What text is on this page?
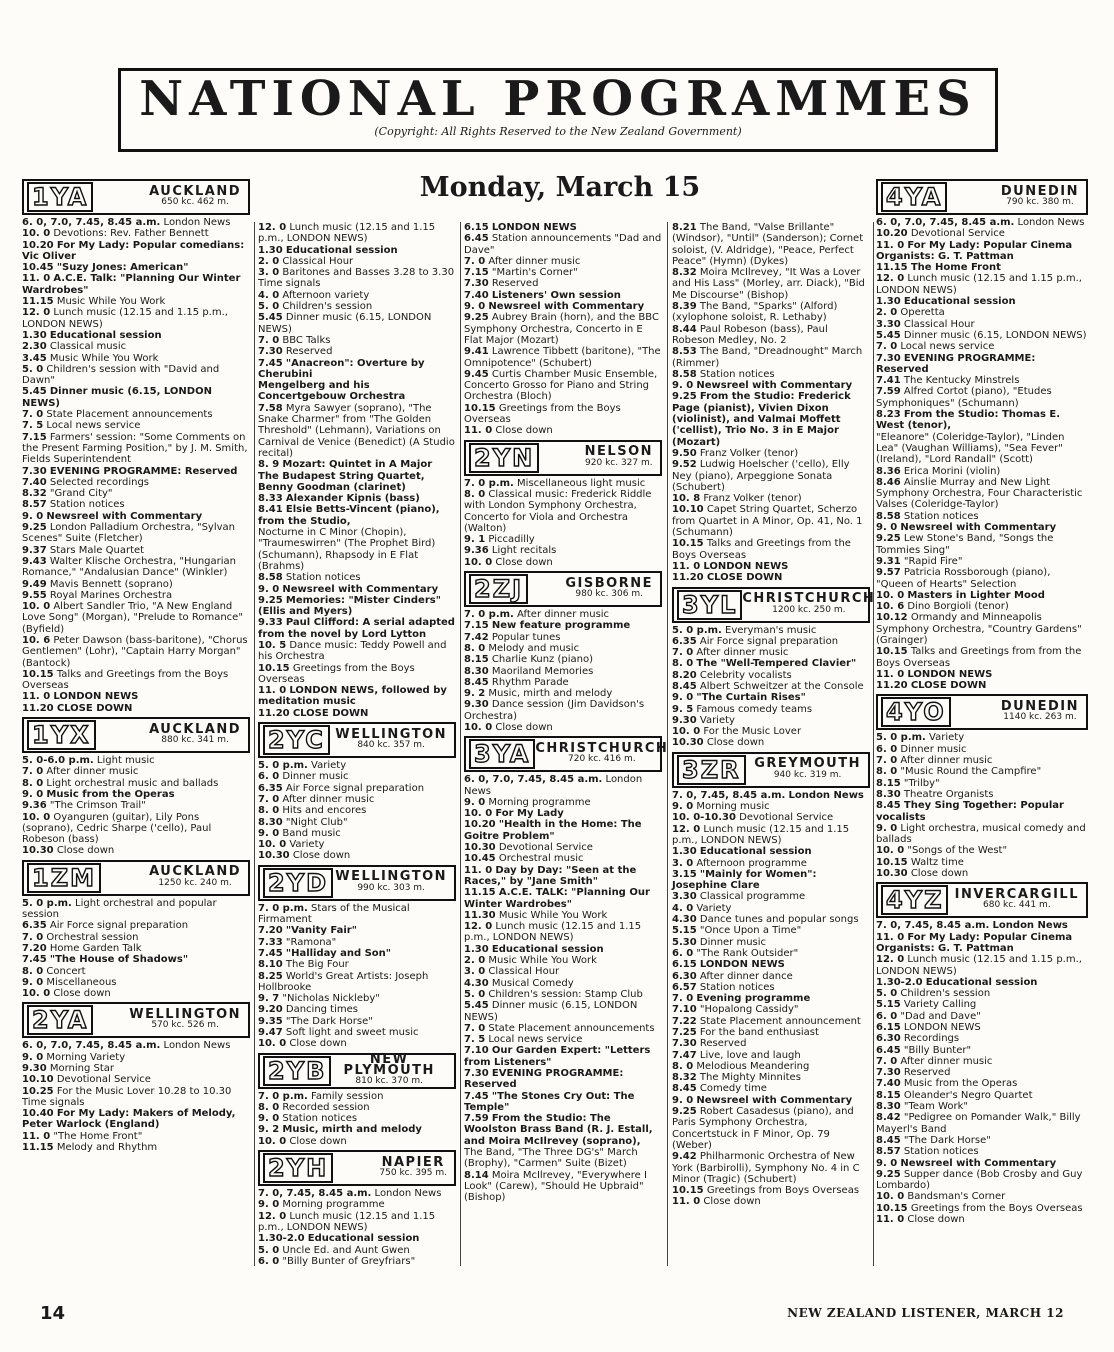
NATIONAL PROGRAMMES
(Copyright: All Rights Reserved to the New Zealand Government)
Monday, March 15
1YA	AUCKLAND
650 kc. 462 m.
6. 0, 7.0, 7.45, 8.45 a.m. London News
10. 0 Devotions: Rev. Father Bennett
10.20 For My Lady: Popular comedians: Vic Oliver
10.45 "Suzy Jones: American"
11. 0 A.C.E. Talk: "Planning Our Winter Wardrobes"
11.15 Music While You Work
12. 0 Lunch music (12.15 and 1.15 p.m., LONDON NEWS)
1.30 Educational session
2.30 Classical music
3.45 Music While You Work
5. 0 Children's session with "David and Dawn"
5.45 Dinner music (6.15, LONDON NEWS)
7. 0 State Placement announcements
7. 5 Local news service
7.15 Farmers' session: "Some Comments on the Present Farming Position," by J. M. Smith, Fields Superintendent
7.30 EVENING PROGRAMME: Reserved
7.40 Selected recordings
8.32 "Grand City"
8.57 Station notices
9. 0 Newsreel with Commentary
9.25 London Palladium Orchestra, "Sylvan Scenes" Suite (Fletcher)
9.37 Stars Male Quartet
9.43 Walter Klische Orchestra, "Hungarian Romance," "Andalusian Dance" (Winkler)
9.49 Mavis Bennett (soprano)
9.55 Royal Marines Orchestra
10. 0 Albert Sandler Trio, "A New England Love Song" (Morgan), "Prelude to Romance" (Byfield)
10. 6 Peter Dawson (bass-baritone), "Chorus Gentlemen" (Lohr), "Captain Harry Morgan" (Bantock)
10.15 Talks and Greetings from the Boys Overseas
11. 0 LONDON NEWS
11.20 CLOSE DOWN
1YX	AUCKLAND
880 kc. 341 m.
5. 0-6.0 p.m. Light music
7. 0 After dinner music
8. 0 Light orchestral music and ballads
9. 0 Music from the Operas
9.36 "The Crimson Trail"
10. 0 Oyanguren (guitar), Lily Pons (soprano), Cedric Sharpe ('cello), Paul Robeson (bass)
10.30 Close down
1ZM	AUCKLAND
1250 kc. 240 m.
5. 0 p.m. Light orchestral and popular session
6.35 Air Force signal preparation
7. 0 Orchestral session
7.20 Home Garden Talk
7.45 "The House of Shadows"
8. 0 Concert
9. 0 Miscellaneous
10. 0 Close down
2YA	WELLINGTON
570 kc. 526 m.
6. 0, 7.0, 7.45, 8.45 a.m. London News
9. 0 Morning Variety
9.30 Morning Star
10.10 Devotional Service
10.25 For the Music Lover 10.28 to 10.30 Time signals
10.40 For My Lady: Makers of Melody, Peter Warlock (England)
11. 0 "The Home Front"
11.15 Melody and Rhythm
12. 0 Lunch music (12.15 and 1.15 p.m., LONDON NEWS)
1.30 Educational session
2. 0 Classical Hour
3. 0 Baritones and Basses 3.28 to 3.30 Time signals
4. 0 Afternoon variety
5. 0 Children's session
5.45 Dinner music (6.15, LONDON NEWS)
7. 0 BBC Talks
7.30 Reserved
7.45 "Anacreon": Overture by Cherubini
Mengelberg and his Concertgebouw Orchestra
7.58 Myra Sawyer (soprano), "The Snake Charmer" from "The Golden Threshold" (Lehmann), Variations on Carnival de Venice (Benedict) (A Studio recital)
8. 9 Mozart: Quintet in A Major
The Budapest String Quartet, Benny Goodman (clarinet)
8.33 Alexander Kipnis (bass)
8.41 Elsie Betts-Vincent (piano), from the Studio,
Nocturne in C Minor (Chopin), "Traumeswirren" (The Prophet Bird) (Schumann), Rhapsody in E Flat (Brahms)
8.58 Station notices
9. 0 Newsreel with Commentary
9.25 Memories: "Mister Cinders" (Ellis and Myers)
9.33 Paul Clifford: A serial adapted from the novel by Lord Lytton
10. 5 Dance music: Teddy Powell and his Orchestra
10.15 Greetings from the Boys Overseas
11. 0 LONDON NEWS, followed by meditation music
11.20 CLOSE DOWN
2YC WELLINGTON
840 kc. 357 m.
5. 0 p.m. Variety
6. 0 Dinner music
6.35 Air Force signal preparation
7. 0 After dinner music
8. 0 Hits and encores
8.30 "Night Club"
9. 0 Band music
10. 0 Variety
10.30 Close down
2YD WELLINGTON
990 kc. 303 m.
7. 0 p.m. Stars of the Musical Firmament
7.20 "Vanity Fair"
7.33 "Ramona"
7.45 "Halliday and Son"
8.10 The Big Four
8.25 World's Great Artists: Joseph Hollbrooke
9. 7 "Nicholas Nickleby"
9.20 Dancing times
9.35 "The Dark Horse"
9.47 Soft light and sweet music
10. 0 Close down
2YB	NEW PLYMOUTH
810 kc. 370 m.
7. 0 p.m. Family session
8. 0 Recorded session
9. 0 Station notices
9. 2 Music, mirth and melody
10. 0 Close down
2YH	NAPIER
750 kc. 395 m.
7. 0, 7.45, 8.45 a.m. London News
9. 0 Morning programme
12. 0 Lunch music (12.15 and 1.15 p.m., LONDON NEWS)
1.30-2.0 Educational session
5. 0 Uncle Ed. and Aunt Gwen
6. 0 "Billy Bunter of Greyfriars"
6.15 LONDON NEWS
6.45 Station announcements "Dad and Dave"
7. 0 After dinner music
7.15 "Martin's Corner"
7.30 Reserved
7.40 Listeners' Own session
9. 0 Newsreel with Commentary
9.25 Aubrey Brain (horn), and the BBC Symphony Orchestra, Concerto in E Flat Major (Mozart)
9.41 Lawrence Tibbett (baritone), "The Omnipotence" (Schubert)
9.45 Curtis Chamber Music Ensemble, Concerto Grosso for Piano and String Orchestra (Bloch)
10.15 Greetings from the Boys Overseas
11. 0 Close down
2YN	NELSON
920 kc. 327 m.
7. 0 p.m. Miscellaneous light music
8. 0 Classical music: Frederick Riddle with London Symphony Orchestra, Concerto for Viola and Orchestra (Walton)
9. 1 Piccadilly
9.36 Light recitals
10. 0 Close down
2ZJ	GISBORNE
980 kc. 306 m.
7. 0 p.m. After dinner music
7.15 New feature programme
7.42 Popular tunes
8. 0 Melody and music
8.15 Charlie Kunz (piano)
8.30 Maoriland Memories
8.45 Rhythm Parade
9. 2 Music, mirth and melody
9.30 Dance session (Jim Davidson's Orchestra)
10. 0 Close down
3YA CHRISTCHURCH
720 kc. 416 m.
6. 0, 7.0, 7.45, 8.45 a.m. London News
9. 0 Morning programme
10. 0 For My Lady
10.20 "Health in the Home: The Goitre Problem"
10.30 Devotional Service
10.45 Orchestral music
11. 0 Day by Day: "Seen at the Races," by "Jane Smith"
11.15 A.C.E. TALK: "Planning Our Winter Wardrobes"
11.30 Music While You Work
12. 0 Lunch music (12.15 and 1.15 p.m., LONDON NEWS)
1.30 Educational session
2. 0 Music While You Work
3. 0 Classical Hour
4.30 Musical Comedy
5. 0 Children's session: Stamp Club
5.45 Dinner music (6.15, LONDON NEWS)
7. 0 State Placement announcements
7. 5 Local news service
7.10 Our Garden Expert: "Letters from Listeners"
7.30 EVENING PROGRAMME: Reserved
7.45 "The Stones Cry Out: The Temple"
7.59 From the Studio: The Woolston Brass Band (R. J. Estall, and Moira McIlrevey (soprano),
The Band, "The Three DG's" March (Brophy), "Carmen" Suite (Bizet)
8.14 Moira McIlrevey, "Everywhere I Look" (Carew), "Should He Upbraid" (Bishop)
8.21 The Band, "Valse Brillante" (Windsor), "Until" (Sanderson); Cornet soloist, (V. Aldridge), "Peace, Perfect Peace" (Hymn) (Dykes)
8.32 Moira McIlrevey, "It Was a Lover and His Lass" (Morley, arr. Diack), "Bid Me Discourse" (Bishop)
8.39 The Band, "Sparks" (Alford) (xylophone soloist, R. Lethaby)
8.44 Paul Robeson (bass), Paul Robeson Medley, No. 2
8.53 The Band, "Dreadnought" March (Rimmer)
8.58 Station notices
9. 0 Newsreel with Commentary
9.25 From the Studio: Frederick Page (pianist), Vivien Dixon (violinist), and Valmai Moffett ('cellist), Trio No. 3 in E Major (Mozart)
9.50 Franz Volker (tenor)
9.52 Ludwig Hoelscher ('cello), Elly Ney (piano), Arpeggione Sonata (Schubert)
10. 8 Franz Volker (tenor)
10.10 Capet String Quartet, Scherzo from Quartet in A Minor, Op. 41, No. 1 (Schumann)
10.15 Talks and Greetings from the Boys Overseas
11. 0 LONDON NEWS
11.20 CLOSE DOWN
3YL CHRISTCHURCH
1200 kc. 250 m.
5. 0 p.m. Everyman's music
6.35 Air Force signal preparation
7. 0 After dinner music
8. 0 The "Well-Tempered Clavier"
8.20 Celebrity vocalists
8.45 Albert Schweitzer at the Console
9. 0 "The Curtain Rises"
9. 5 Famous comedy teams
9.30 Variety
10. 0 For the Music Lover
10.30 Close down
3ZR	GREYMOUTH
940 kc. 319 m.
7. 0, 7.45, 8.45 a.m. London News
9. 0 Morning music
10. 0-10.30 Devotional Service
12. 0 Lunch music (12.15 and 1.15 p.m., LONDON NEWS)
1.30 Educational session
3. 0 Afternoon programme
3.15 "Mainly for Women": Josephine Clare
3.30 Classical programme
4. 0 Variety
4.30 Dance tunes and popular songs
5.15 "Once Upon a Time"
5.30 Dinner music
6. 0 "The Rank Outsider"
6.15 LONDON NEWS
6.30 After dinner dance
6.57 Station notices
7. 0 Evening programme
7.10 "Hopalong Cassidy"
7.22 State Placement announcement
7.25 For the band enthusiast
7.30 Reserved
7.47 Live, love and laugh
8. 0 Melodious Meandering
8.32 The Mighty Minnites
8.45 Comedy time
9. 0 Newsreel with Commentary
9.25 Robert Casadesus (piano), and Paris Symphony Orchestra, Concertstuck in F Minor, Op. 79 (Weber)
9.42 Philharmonic Orchestra of New York (Barbirolli), Symphony No. 4 in C Minor (Tragic) (Schubert)
10.15 Greetings from Boys Overseas
11. 0 Close down
4YA	DUNEDIN
790 kc. 380 m.
6. 0, 7.0, 7.45, 8.45 a.m. London News
10.20 Devotional Service
11. 0 For My Lady: Popular Cinema Organists: G. T. Pattman
11.15 The Home Front
12. 0 Lunch music (12.15 and 1.15 p.m., LONDON NEWS)
1.30 Educational session
2. 0 Operetta
3.30 Classical Hour
5.45 Dinner music (6.15, LONDON NEWS)
7. 0 Local news service
7.30 EVENING PROGRAMME: Reserved
7.41 The Kentucky Minstrels
7.59 Alfred Cortot (piano), "Etudes Symphoniques" (Schumann)
8.23 From the Studio: Thomas E. West (tenor),
"Eleanore" (Coleridge-Taylor), "Linden Lea" (Vaughan Williams), "Sea Fever" (Ireland), "Lord Randall" (Scott)
8.36 Erica Morini (violin)
8.46 Ainslie Murray and New Light Symphony Orchestra, Four Characteristic Valses (Coleridge-Taylor)
8.58 Station notices
9. 0 Newsreel with Commentary
9.25 Lew Stone's Band, "Songs the Tommies Sing"
9.31 "Rapid Fire"
9.57 Patricia Rossborough (piano), "Queen of Hearts" Selection
10. 0 Masters in Lighter Mood
10. 6 Dino Borgioli (tenor)
10.12 Ormandy and Minneapolis Symphony Orchestra, "Country Gardens" (Grainger)
10.15 Talks and Greetings from from the Boys Overseas
11. 0 LONDON NEWS
11.20 CLOSE DOWN
4YO	DUNEDIN
1140 kc. 263 m.
5. 0 p.m. Variety
6. 0 Dinner music
7. 0 After dinner music
8. 0 "Music Round the Campfire"
8.15 "Trilby"
8.30 Theatre Organists
8.45 They Sing Together: Popular vocalists
9. 0 Light orchestra, musical comedy and ballads
10. 0 "Songs of the West"
10.15 Waltz time
10.30 Close down
4YZ INVERCARGILL
680 kc. 441 m.
7. 0, 7.45, 8.45 a.m. London News
11. 0 For My Lady: Popular Cinema Organists: G. T. Pattman
12. 0 Lunch music (12.15 and 1.15 p.m., LONDON NEWS)
1.30-2.0 Educational session
5. 0 Children's session
5.15 Variety Calling
6. 0 "Dad and Dave"
6.15 LONDON NEWS
6.30 Recordings
6.45 "Billy Bunter"
7. 0 After dinner music
7.30 Reserved
7.40 Music from the Operas
8.15 Oleander's Negro Quartet
8.30 "Team Work"
8.42 "Pedigree on Pomander Walk," Billy Mayerl's Band
8.45 "The Dark Horse"
8.57 Station notices
9. 0 Newsreel with Commentary
9.25 Supper dance (Bob Crosby and Guy Lombardo)
10. 0 Bandsman's Corner
10.15 Greetings from the Boys Overseas
11. 0 Close down
14	NEW ZEALAND LISTENER, MARCH 12
